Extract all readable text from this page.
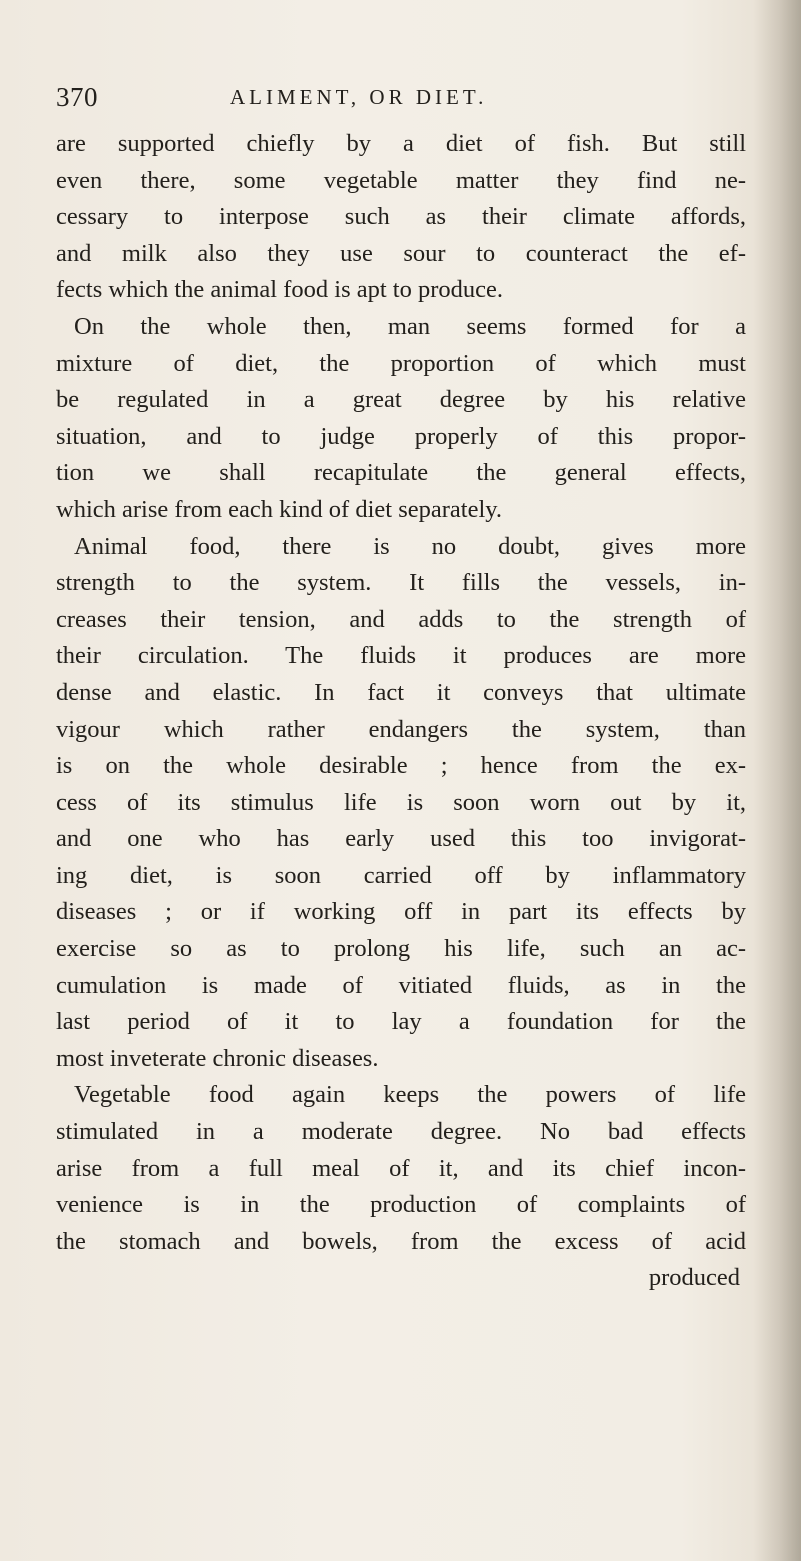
370	ALIMENT, OR DIET.
are supported chiefly by a diet of fish. But still
even there, some vegetable matter they find ne-
cessary to interpose such as their climate affords,
and milk also they use sour to counteract the ef-
fects which the animal food is apt to produce.
On the whole then, man seems formed for a
mixture of diet, the proportion of which must
be regulated in a great degree by his relative
situation, and to judge properly of this propor-
tion we shall recapitulate the general effects,
which arise from each kind of diet separately.
Animal food, there is no doubt, gives more
strength to the system. It fills the vessels, in-
creases their tension, and adds to the strength of
their circulation. The fluids it produces are more
dense and elastic. In fact it conveys that ultimate
vigour which rather endangers the system, than
is on the whole desirable ; hence from the ex-
cess of its stimulus life is soon worn out by it,
and one who has early used this too invigorat-
ing diet, is soon carried off by inflammatory
diseases ; or if working off in part its effects by
exercise so as to prolong his life, such an ac-
cumulation is made of vitiated fluids, as in the
last period of it to lay a foundation for the
most inveterate chronic diseases.
Vegetable food again keeps the powers of life
stimulated in a moderate degree. No bad effects
arise from a full meal of it, and its chief incon-
venience is in the production of complaints of
the stomach and bowels, from the excess of acid
produced
